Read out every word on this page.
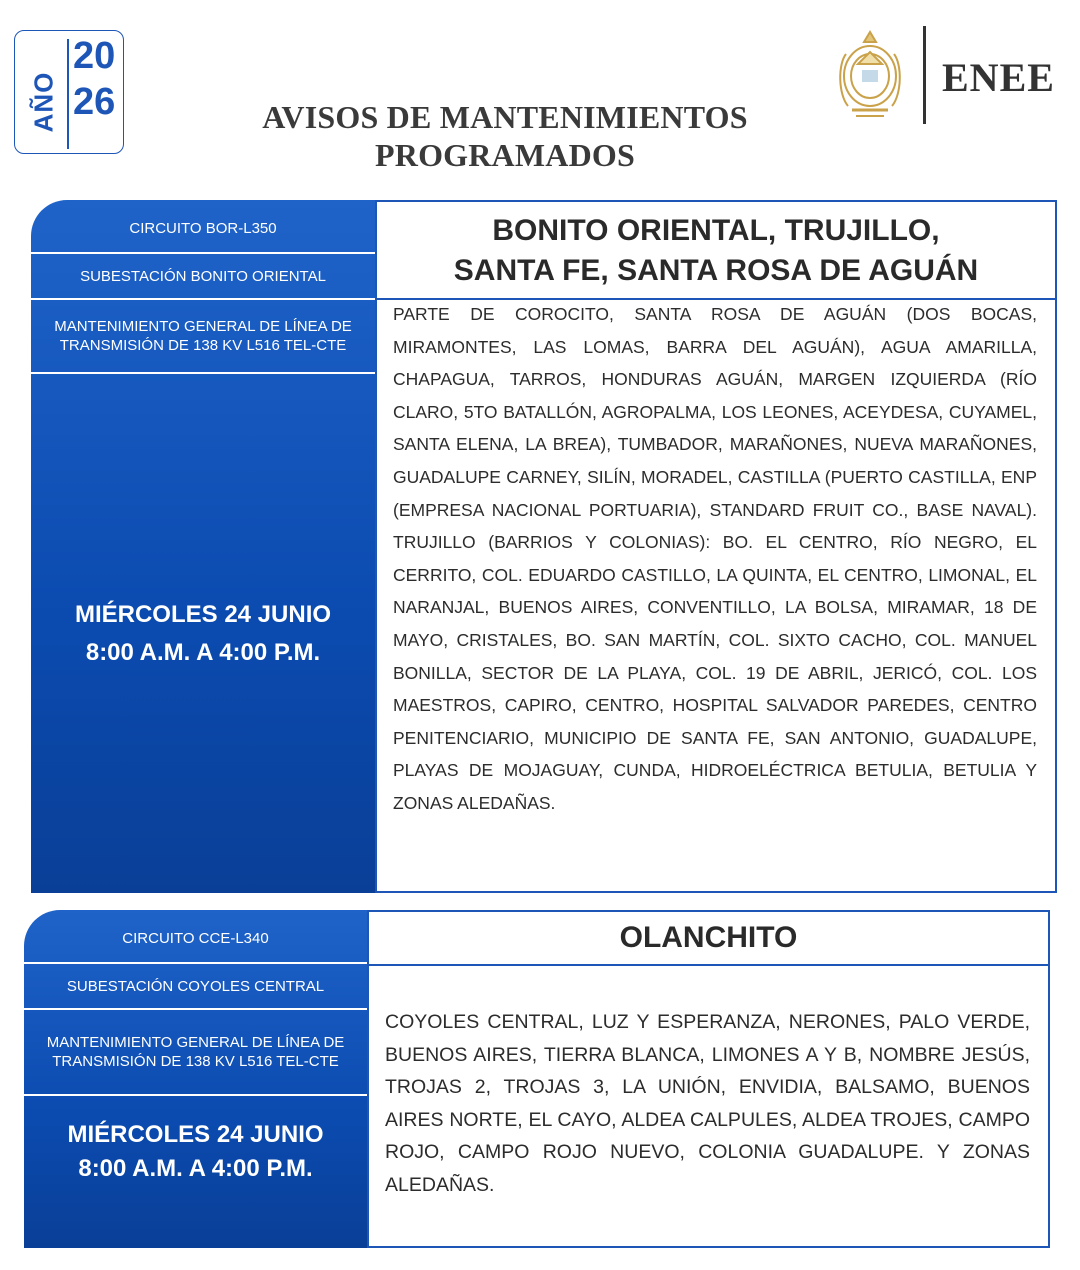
AÑO
20
26	AVISOS DE MANTENIMIENTOS
PROGRAMADOS
ENEE
CIRCUITO BOR-L350
SUBESTACIÓN BONITO ORIENTAL
MANTENIMIENTO GENERAL DE LÍNEA DE TRANSMISIÓN DE 138 KV L516 TEL-CTE
MIÉRCOLES 24 JUNIO
8:00 A.M. A 4:00 P.M.
BONITO ORIENTAL, TRUJILLO,
SANTA FE, SANTA ROSA DE AGUÁN
PARTE DE COROCITO, SANTA ROSA DE AGUÁN (DOS BOCAS, MIRAMONTES, LAS LOMAS, BARRA DEL AGUÁN), AGUA AMARILLA, CHAPAGUA, TARROS, HONDURAS AGUÁN, MARGEN IZQUIERDA (RÍO CLARO, 5TO BATALLÓN, AGROPALMA, LOS LEONES, ACEYDESA, CUYAMEL, SANTA ELENA, LA BREA), TUMBADOR, MARAÑONES, NUEVA MARAÑONES, GUADALUPE CARNEY, SILÍN, MORADEL, CASTILLA (PUERTO CASTILLA, ENP (EMPRESA NACIONAL PORTUARIA), STANDARD FRUIT CO., BASE NAVAL). TRUJILLO (BARRIOS Y COLONIAS): BO. EL CENTRO, RÍO NEGRO, EL CERRITO, COL. EDUARDO CASTILLO, LA QUINTA, EL CENTRO, LIMONAL, EL NARANJAL, BUENOS AIRES, CONVENTILLO, LA BOLSA, MIRAMAR, 18 DE MAYO, CRISTALES, BO. SAN MARTÍN, COL. SIXTO CACHO, COL. MANUEL BONILLA, SECTOR DE LA PLAYA, COL. 19 DE ABRIL, JERICÓ, COL. LOS MAESTROS, CAPIRO, CENTRO, HOSPITAL SALVADOR PAREDES, CENTRO PENITENCIARIO, MUNICIPIO DE SANTA FE, SAN ANTONIO, GUADALUPE, PLAYAS DE MOJAGUAY, CUNDA, HIDROELÉCTRICA BETULIA, BETULIA Y ZONAS ALEDAÑAS.
CIRCUITO CCE-L340
SUBESTACIÓN COYOLES CENTRAL
MANTENIMIENTO GENERAL DE LÍNEA DE TRANSMISIÓN DE 138 KV L516 TEL-CTE
MIÉRCOLES 24 JUNIO
8:00 A.M. A 4:00 P.M.
OLANCHITO
COYOLES CENTRAL, LUZ Y ESPERANZA, NERONES, PALO VERDE, BUENOS AIRES, TIERRA BLANCA, LIMONES A Y B, NOMBRE JESÚS, TROJAS 2, TROJAS 3, LA UNIÓN, ENVIDIA, BALSAMO, BUENOS AIRES NORTE, EL CAYO, ALDEA CALPULES, ALDEA TROJES, CAMPO ROJO, CAMPO ROJO NUEVO, COLONIA GUADALUPE. Y ZONAS ALEDAÑAS.
